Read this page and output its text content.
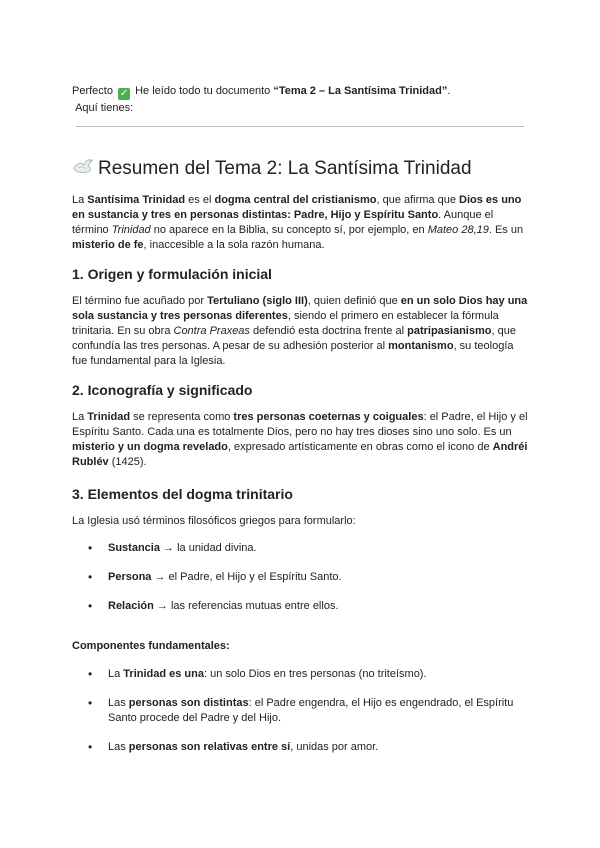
Perfecto ✓ He leído todo tu documento “Tema 2 – La Santísima Trinidad”.
Aquí tienes:
Resumen del Tema 2: La Santísima Trinidad

La Santísima Trinidad es el dogma central del cristianismo, que afirma que Dios es uno en sustancia y tres en personas distintas: Padre, Hijo y Espíritu Santo. Aunque el término Trinidad no aparece en la Biblia, su concepto sí, por ejemplo, en Mateo 28,19. Es un misterio de fe, inaccesible a la sola razón humana.

1. Origen y formulación inicial

El término fue acuñado por Tertuliano (siglo III), quien definió que en un solo Dios hay una sola sustancia y tres personas diferentes, siendo el primero en establecer la fórmula trinitaria. En su obra Contra Praxeas defendió esta doctrina frente al patripasianismo, que confundía las tres personas. A pesar de su adhesión posterior al montanismo, su teología fue fundamental para la Iglesia.

2. Iconografía y significado

La Trinidad se representa como tres personas coeternas y coiguales: el Padre, el Hijo y el Espíritu Santo. Cada una es totalmente Dios, pero no hay tres dioses sino uno solo. Es un misterio y un dogma revelado, expresado artísticamente en obras como el icono de Andréi Rublév (1425).

3. Elementos del dogma trinitario

La Iglesia usó términos filosóficos griegos para formularlo:

• Sustancia → la unidad divina.
• Persona → el Padre, el Hijo y el Espíritu Santo.
• Relación → las referencias mutuas entre ellos.

Componentes fundamentales:

• La Trinidad es una: un solo Dios en tres personas (no triteísmo).
• Las personas son distintas: el Padre engendra, el Hijo es engendrado, el Espíritu Santo procede del Padre y del Hijo.
• Las personas son relativas entre sí, unidas por amor.
